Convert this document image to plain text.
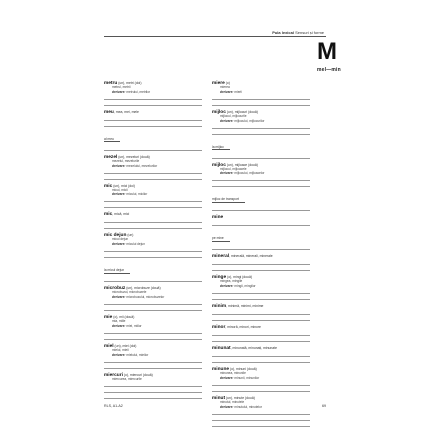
Pula lexical Sensuri și forme
M
mel—min
metru (un), metri (doi)
metrul, metrii
derivare: metrului, metrilor
meu, mea, mei, mele
al meu
mezel (un), mezeluri (două)
mezelul, mezelurile
derivare: mezelului, mezelurilor
mic (un), mici (doi)
micul, micii
derivare: micului, micilor
mic, mică, mici
mic dejun (un)
micul dejun
derivare: micului dejun
la micul dejun
microbuz (un), microbuze (două)
microbuzul, microbuzele
derivare: microbuzului, microbuzelor
mie (o), mii (două)
mia, miile
derivare: miei, miilor
miel (un), miei (doi)
mielul, mieii
derivare: mielului, mieilor
miercuri (o), miercuri (două)
miercurea, miercurile
miere (o)
mierea
derivare: mierii
mijloc (un), mijlocuri (două)
mijlocul, mijlocurile
derivare: mijlocului, mijlocurilor
la mijloc
mijloc (un), mijloace (două)
mijlocul, mijloacele
derivare: mijlocului, mijloacelor
mijloc de transport
mine
pe mine
mineral, minerală, minerali, minerale
minge (o), mingi (două)
mingea, mingile
derivare: mingii, mingilor
minim, minimă, minimi, minime
minor, minoră, minori, minore
minunat, minunată, minunați, minunate
minune (o), minuni (două)
minunea, minunile
derivare: minunii, minunilor
minut (un), minute (două)
minutul, minutele
derivare: minutului, minutelor
RLS, A1-A2	69
